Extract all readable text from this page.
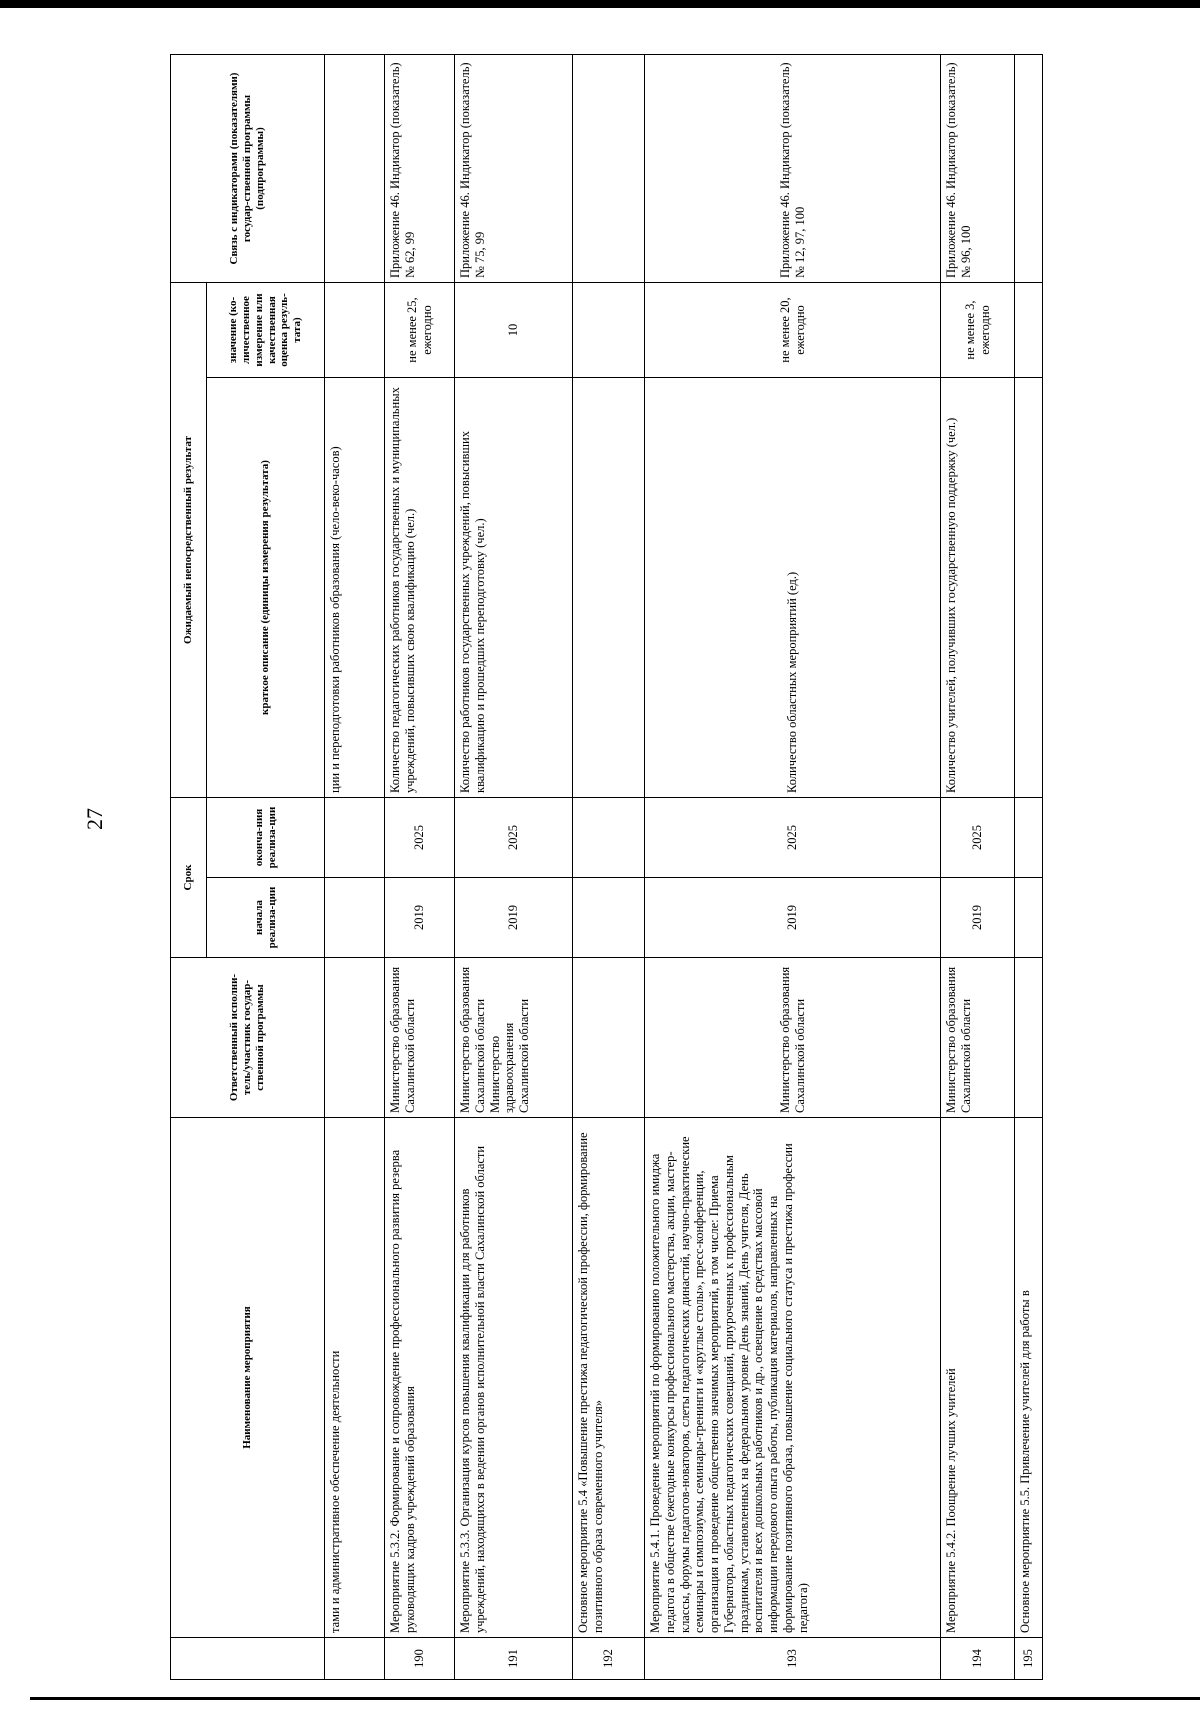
27
	Наименование мероприятия	Ответственный исполни-тель/участник государ-ственной программы	Срок		Ожидаемый непосредственный результат		Связь с индикаторами (показателями) государ-ственной программы (подпрограммы)
			начала реализа-ции	оконча-ния реализа-ции	краткое описание (единицы измерения результата)	значение (ко-личественное измерение или качественная оценка резуль-тата)	
	тами и административное обеспечение деятельности				ции и переподготовки работников образования (чело-веко-часов)		
190	Мероприятие 5.3.2. Формирование и сопровождение профессионального развития резерва руководящих кадров учреждений образования	Министерство образования Сахалинской области	2019	2025	Количество педагогических работников государственных и муниципальных учреждений, повысивших свою квалификацию (чел.)	не менее 25, ежегодно	Приложение 46. Индикатор (показатель) № 62, 99
191	Мероприятие 5.3.3. Организация курсов повышения квалификации для работников учреждений, находящихся в ведении органов исполнительной власти Сахалинской области	Министерство образования Сахалинской области Министерство здравоохранения Сахалинской области	2019	2025	Количество работников государственных учреждений, повысивших квалификацию и прошедших переподготовку (чел.)	10	Приложение 46. Индикатор (показатель) № 75, 99
192	Основное мероприятие 5.4 «Повышение престижа педагогической профессии, формирование позитивного образа современного учителя»						
193	Мероприятие 5.4.1. Проведение мероприятий по формированию положительного имиджа педагога в обществе (ежегодные конкурсы профессионального мастерства, акции, мастер-классы, форумы педагогов-новаторов, слеты педагогических династий, научно-практические семинары и симпозиумы, семинары-тренинги и «круглые столы», пресс-конференции, организация и проведение общественно значимых мероприятий, в том числе: Приема Губернатора, областных педагогических совещаний, приуроченных к профессиональным праздникам, установленных на федеральном уровне День знаний, День учителя, День воспитателя и всех дошкольных работников и др., освещение в средствах массовой информации передового опыта работы, публикация материалов, направленных на формирование позитивного образа, повышение социального статуса и престижа профессии педагога)	Министерство образования Сахалинской области	2019	2025	Количество областных мероприятий (ед.)	не менее 20, ежегодно	Приложение 46. Индикатор (показатель) № 12, 97, 100
194	Мероприятие 5.4.2. Поощрение лучших учителей	Министерство образования Сахалинской области	2019	2025	Количество учителей, получивших государственную поддержку (чел.)	не менее 3, ежегодно	Приложение 46. Индикатор (показатель) № 96, 100
195	Основное мероприятие 5.5. Привлечение учителей для работы в						
